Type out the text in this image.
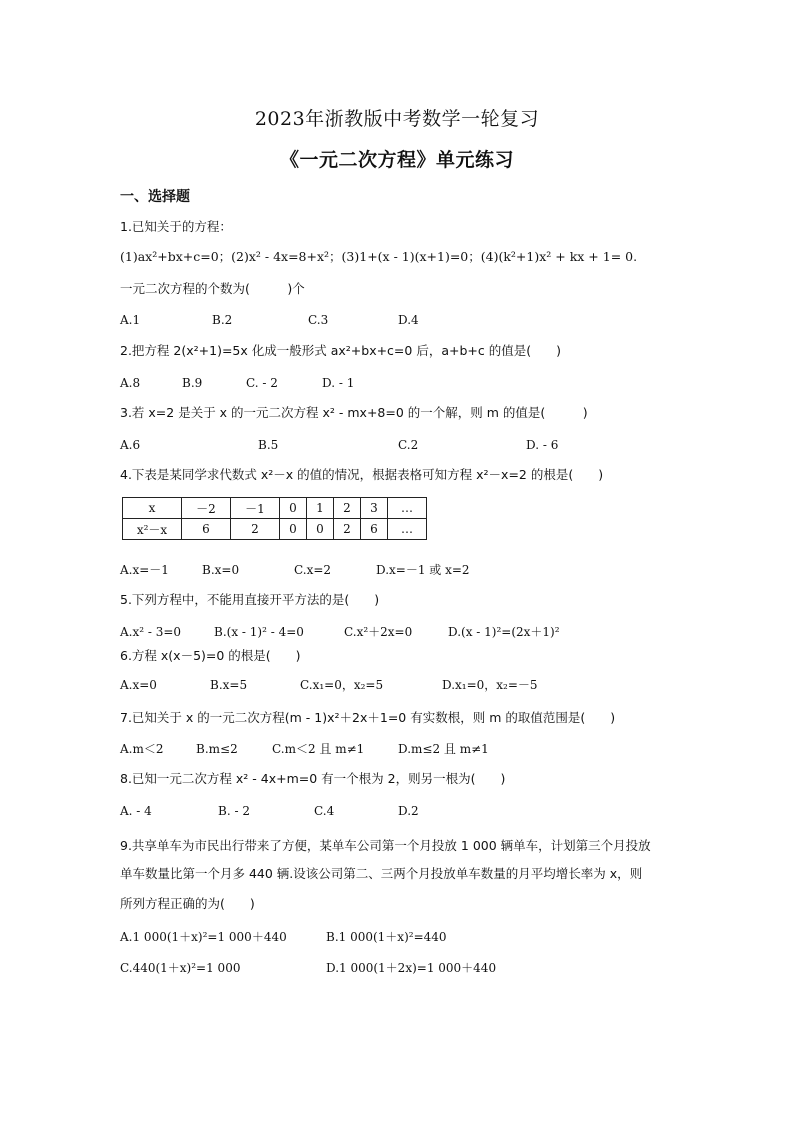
2023年浙教版中考数学一轮复习
《一元二次方程》单元练习
一、选择题
1.已知关于的方程：
(1)ax²+bx+c=0；(2)x² - 4x=8+x²；(3)1+(x - 1)(x+1)=0；(4)(k²+1)x² + kx + 1= 0.
一元二次方程的个数为(　　　)个
A.1	B.2	C.3	D.4
2.把方程 2(x²+1)=5x 化成一般形式 ax²+bx+c=0 后，a+b+c 的值是(　　)
A.8	B.9	C. - 2	D. - 1
3.若 x=2 是关于 x 的一元二次方程 x² - mx+8=0 的一个解，则 m 的值是(　　　)
A.6	B.5	C.2	D. - 6
4.下表是某同学求代数式 x²－x 的值的情况，根据表格可知方程 x²－x=2 的根是(　　)
x	－2	－1	0	1	2	3	…
x²－x	6	2	0	0	2	6	…
A.x=－1	B.x=0	C.x=2	D.x=－1 或 x=2
5.下列方程中，不能用直接开平方法的是(　　)
A.x² - 3=0	B.(x - 1)² - 4=0	C.x²＋2x=0	D.(x - 1)²=(2x＋1)²
6.方程 x(x－5)=0 的根是(　　)
A.x=0	B.x=5	C.x₁=0，x₂=5	D.x₁=0，x₂=－5
7.已知关于 x 的一元二次方程(m - 1)x²＋2x＋1=0 有实数根，则 m 的取值范围是(　　)
A.m＜2	B.m≤2	C.m＜2 且 m≠1	D.m≤2 且 m≠1
8.已知一元二次方程 x² - 4x+m=0 有一个根为 2，则另一根为(　　)
A. - 4	B. - 2	C.4	D.2
9.共享单车为市民出行带来了方便，某单车公司第一个月投放 1 000 辆单车，计划第三个月投放
单车数量比第一个月多 440 辆.设该公司第二、三两个月投放单车数量的月平均增长率为 x，则
所列方程正确的为(　　)
A.1 000(1＋x)²=1 000＋440	B.1 000(1＋x)²=440
C.440(1＋x)²=1 000	D.1 000(1＋2x)=1 000＋440
